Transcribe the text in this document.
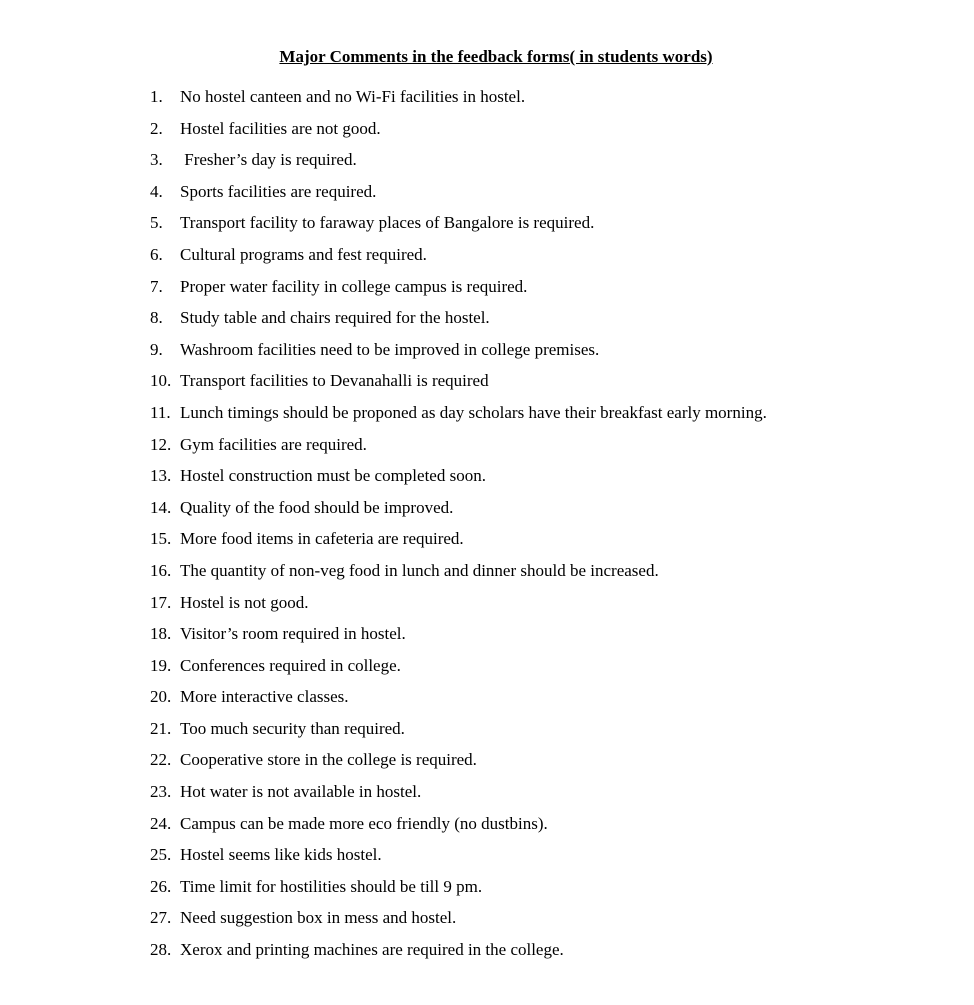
Major Comments in the feedback forms( in students words)
1.	No hostel canteen and no Wi-Fi facilities in hostel.
2.	Hostel facilities are not good.
3.	Fresher’s day is required.
4.	Sports facilities are required.
5.	Transport facility to faraway places of Bangalore is required.
6.	Cultural programs and fest required.
7.	Proper water facility in college campus is required.
8.	Study table and chairs required for the hostel.
9.	Washroom facilities need to be improved in college premises.
10. Transport facilities to Devanahalli is required
11. Lunch timings should be proponed as day scholars have their breakfast early morning.
12. Gym facilities are required.
13. Hostel construction must be completed soon.
14. Quality of the food should be improved.
15. More food items in cafeteria are required.
16. The quantity of non-veg food in lunch and dinner should be increased.
17. Hostel is not good.
18. Visitor’s room required in hostel.
19. Conferences required in college.
20. More interactive classes.
21. Too much security than required.
22. Cooperative store in the college is required.
23. Hot water is not available in hostel.
24. Campus can be made more eco friendly (no dustbins).
25. Hostel seems like kids hostel.
26. Time limit for hostilities should be till 9 pm.
27. Need suggestion box in mess and hostel.
28. Xerox and printing machines are required in the college.
